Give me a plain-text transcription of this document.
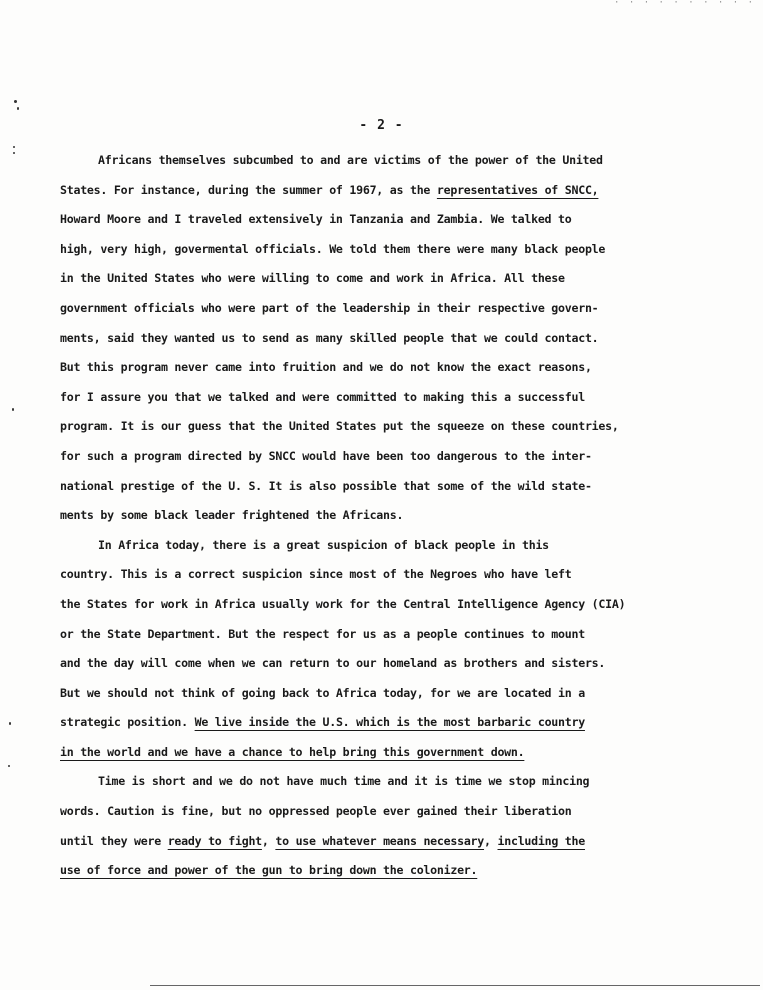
· · · · · · · · · ·
- 2 -
Africans themselves subcumbed to and are victims of the power of the United
States. For instance, during the summer of 1967, as the representatives of SNCC,
Howard Moore and I traveled extensively in Tanzania and Zambia. We talked to
high, very high, govermental officials. We told them there were many black people
in the United States who were willing to come and work in Africa. All these
government officials who were part of the leadership in their respective govern-
ments, said they wanted us to send as many skilled people that we could contact.
But this program never came into fruition and we do not know the exact reasons,
for I assure you that we talked and were committed to making this a successful
program. It is our guess that the United States put the squeeze on these countries,
for such a program directed by SNCC would have been too dangerous to the inter-
national prestige of the U. S. It is also possible that some of the wild state-
ments by some black leader frightened the Africans.
In Africa today, there is a great suspicion of black people in this
country. This is a correct suspicion since most of the Negroes who have left
the States for work in Africa usually work for the Central Intelligence Agency (CIA)
or the State Department. But the respect for us as a people continues to mount
and the day will come when we can return to our homeland as brothers and sisters.
But we should not think of going back to Africa today, for we are located in a
strategic position. We live inside the U.S. which is the most barbaric country
in the world and we have a chance to help bring this government down.
Time is short and we do not have much time and it is time we stop mincing
words. Caution is fine, but no oppressed people ever gained their liberation
until they were ready to fight, to use whatever means necessary, including the
use of force and power of the gun to bring down the colonizer.
